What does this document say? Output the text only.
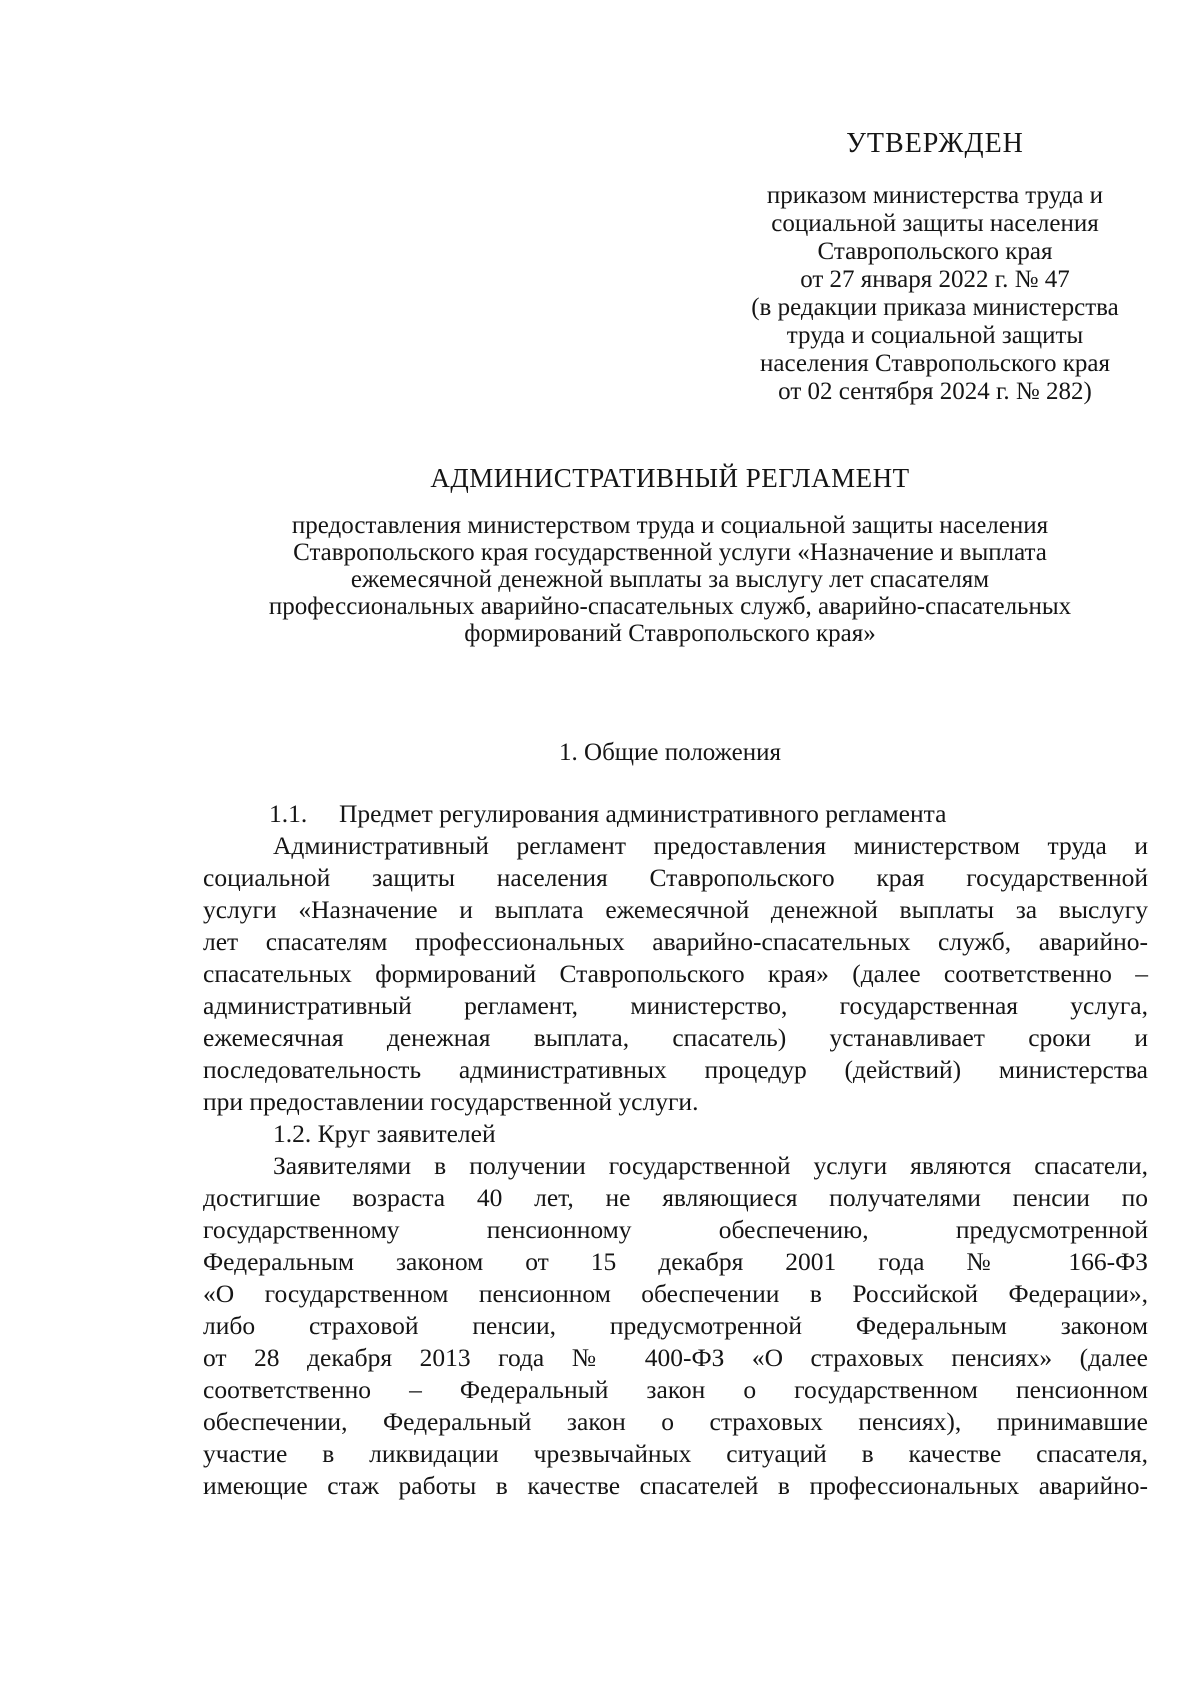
УТВЕРЖДЕН
приказом министерства труда и
социальной защиты населения
Ставропольского края
от 27 января 2022 г. № 47
(в редакции приказа министерства
труда и социальной защиты
населения Ставропольского края
от 02 сентября 2024 г. № 282)
АДМИНИСТРАТИВНЫЙ РЕГЛАМЕНТ
предоставления министерством труда и социальной защиты населения
Ставропольского края государственной услуги «Назначение и выплата
ежемесячной денежной выплаты за выслугу лет спасателям
профессиональных аварийно-спасательных служб, аварийно-спасательных
формирований Ставропольского края»
1. Общие положения
1.1. Предмет регулирования административного регламента
Административный регламент предоставления министерством труда и
социальной защиты населения Ставропольского края государственной
услуги «Назначение и выплата ежемесячной денежной выплаты за выслугу
лет спасателям профессиональных аварийно-спасательных служб, аварийно-
спасательных формирований Ставропольского края» (далее соответственно –
административный регламент, министерство, государственная услуга,
ежемесячная денежная выплата, спасатель) устанавливает сроки и
последовательность административных процедур (действий) министерства
при предоставлении государственной услуги.
1.2. Круг заявителей
Заявителями в получении государственной услуги являются спасатели,
достигшие возраста 40 лет, не являющиеся получателями пенсии по
государственному пенсионному обеспечению, предусмотренной
Федеральным законом от 15 декабря 2001 года № 166-ФЗ
«О государственном пенсионном обеспечении в Российской Федерации»,
либо страховой пенсии, предусмотренной Федеральным законом
от 28 декабря 2013 года № 400-ФЗ «О страховых пенсиях» (далее
соответственно – Федеральный закон о государственном пенсионном
обеспечении, Федеральный закон о страховых пенсиях), принимавшие
участие в ликвидации чрезвычайных ситуаций в качестве спасателя,
имеющие стаж работы в качестве спасателей в профессиональных аварийно-
